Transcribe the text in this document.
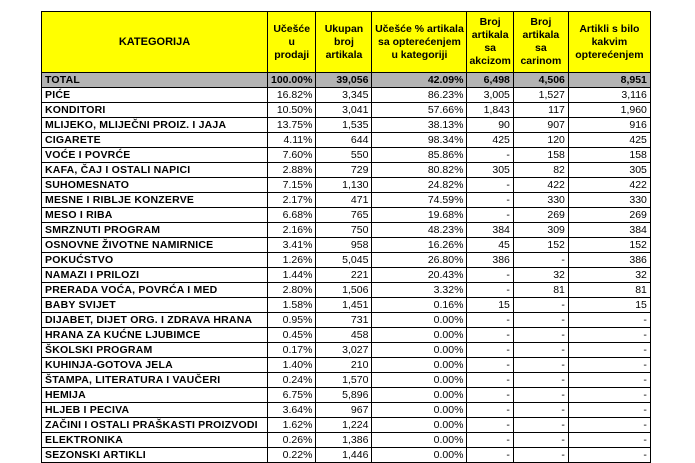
KATEGORIJA	Učešće u prodaji	Ukupan broj artikala	Učešće % artikala sa opterećenjem u kategoriji	Broj artikala sa akcizom	Broj artikala sa carinom	Artikli s bilo kakvim opterećenjem
TOTAL	100.00%	39,056	42.09%	6,498	4,506	8,951
PIĆE	16.82%	3,345	86.23%	3,005	1,527	3,116
KONDITORI	10.50%	3,041	57.66%	1,843	117	1,960
MLIJEKO, MLIJEČNI PROIZ. I JAJA	13.75%	1,535	38.13%	90	907	916
CIGARETE	4.11%	644	98.34%	425	120	425
VOĆE I POVRĆE	7.60%	550	85.86%	-	158	158
KAFA, ČAJ I OSTALI NAPICI	2.88%	729	80.82%	305	82	305
SUHOMESNATO	7.15%	1,130	24.82%	-	422	422
MESNE I RIBLJE KONZERVE	2.17%	471	74.59%	-	330	330
MESO I RIBA	6.68%	765	19.68%	-	269	269
SMRZNUTI PROGRAM	2.16%	750	48.23%	384	309	384
OSNOVNE ŽIVOTNE NAMIRNICE	3.41%	958	16.26%	45	152	152
POKUĆSTVO	1.26%	5,045	26.80%	386	-	386
NAMAZI I PRILOZI	1.44%	221	20.43%	-	32	32
PRERADA VOĆA, POVRĆA I MED	2.80%	1,506	3.32%	-	81	81
BABY SVIJET	1.58%	1,451	0.16%	15	-	15
DIJABET, DIJET ORG. I ZDRAVA HRANA	0.95%	731	0.00%	-	-	-
HRANA ZA KUĆNE LJUBIMCE	0.45%	458	0.00%	-	-	-
ŠKOLSKI PROGRAM	0.17%	3,027	0.00%	-	-	-
KUHINJA-GOTOVA JELA	1.40%	210	0.00%	-	-	-
ŠTAMPA, LITERATURA I VAUČERI	0.24%	1,570	0.00%	-	-	-
HEMIJA	6.75%	5,896	0.00%	-	-	-
HLJEB I PECIVA	3.64%	967	0.00%	-	-	-
ZAČINI I OSTALI PRAŠKASTI PROIZVODI	1.62%	1,224	0.00%	-	-	-
ELEKTRONIKA	0.26%	1,386	0.00%	-	-	-
SEZONSKI ARTIKLI	0.22%	1,446	0.00%	-	-	-
